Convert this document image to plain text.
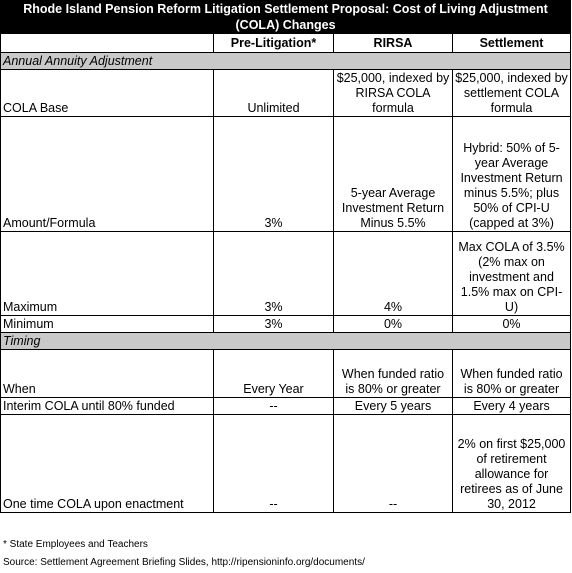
Rhode Island Pension Reform Litigation Settlement Proposal: Cost of Living Adjustment (COLA) Changes			
	Pre-Litigation*	RIRSA	Settlement
Annual Annuity Adjustment			
COLA Base	Unlimited	$25,000, indexed by RIRSA COLA formula	$25,000, indexed by settlement COLA formula
Amount/Formula	3%	5-year Average Investment Return Minus 5.5%	Hybrid: 50% of 5-year Average Investment Return minus 5.5%; plus 50% of CPI-U (capped at 3%)
Maximum	3%	4%	Max COLA of 3.5% (2% max on investment and 1.5% max on CPI-U)
Minimum	3%	0%	0%
Timing			
When	Every Year	When funded ratio is 80% or greater	When funded ratio is 80% or greater
Interim COLA until 80% funded	--	Every 5 years	Every 4 years
One time COLA upon enactment	--	--	2% on first $25,000 of retirement allowance for retirees as of June 30, 2012
* State Employees and Teachers
Source: Settlement Agreement Briefing Slides, http://ripensioninfo.org/documents/
